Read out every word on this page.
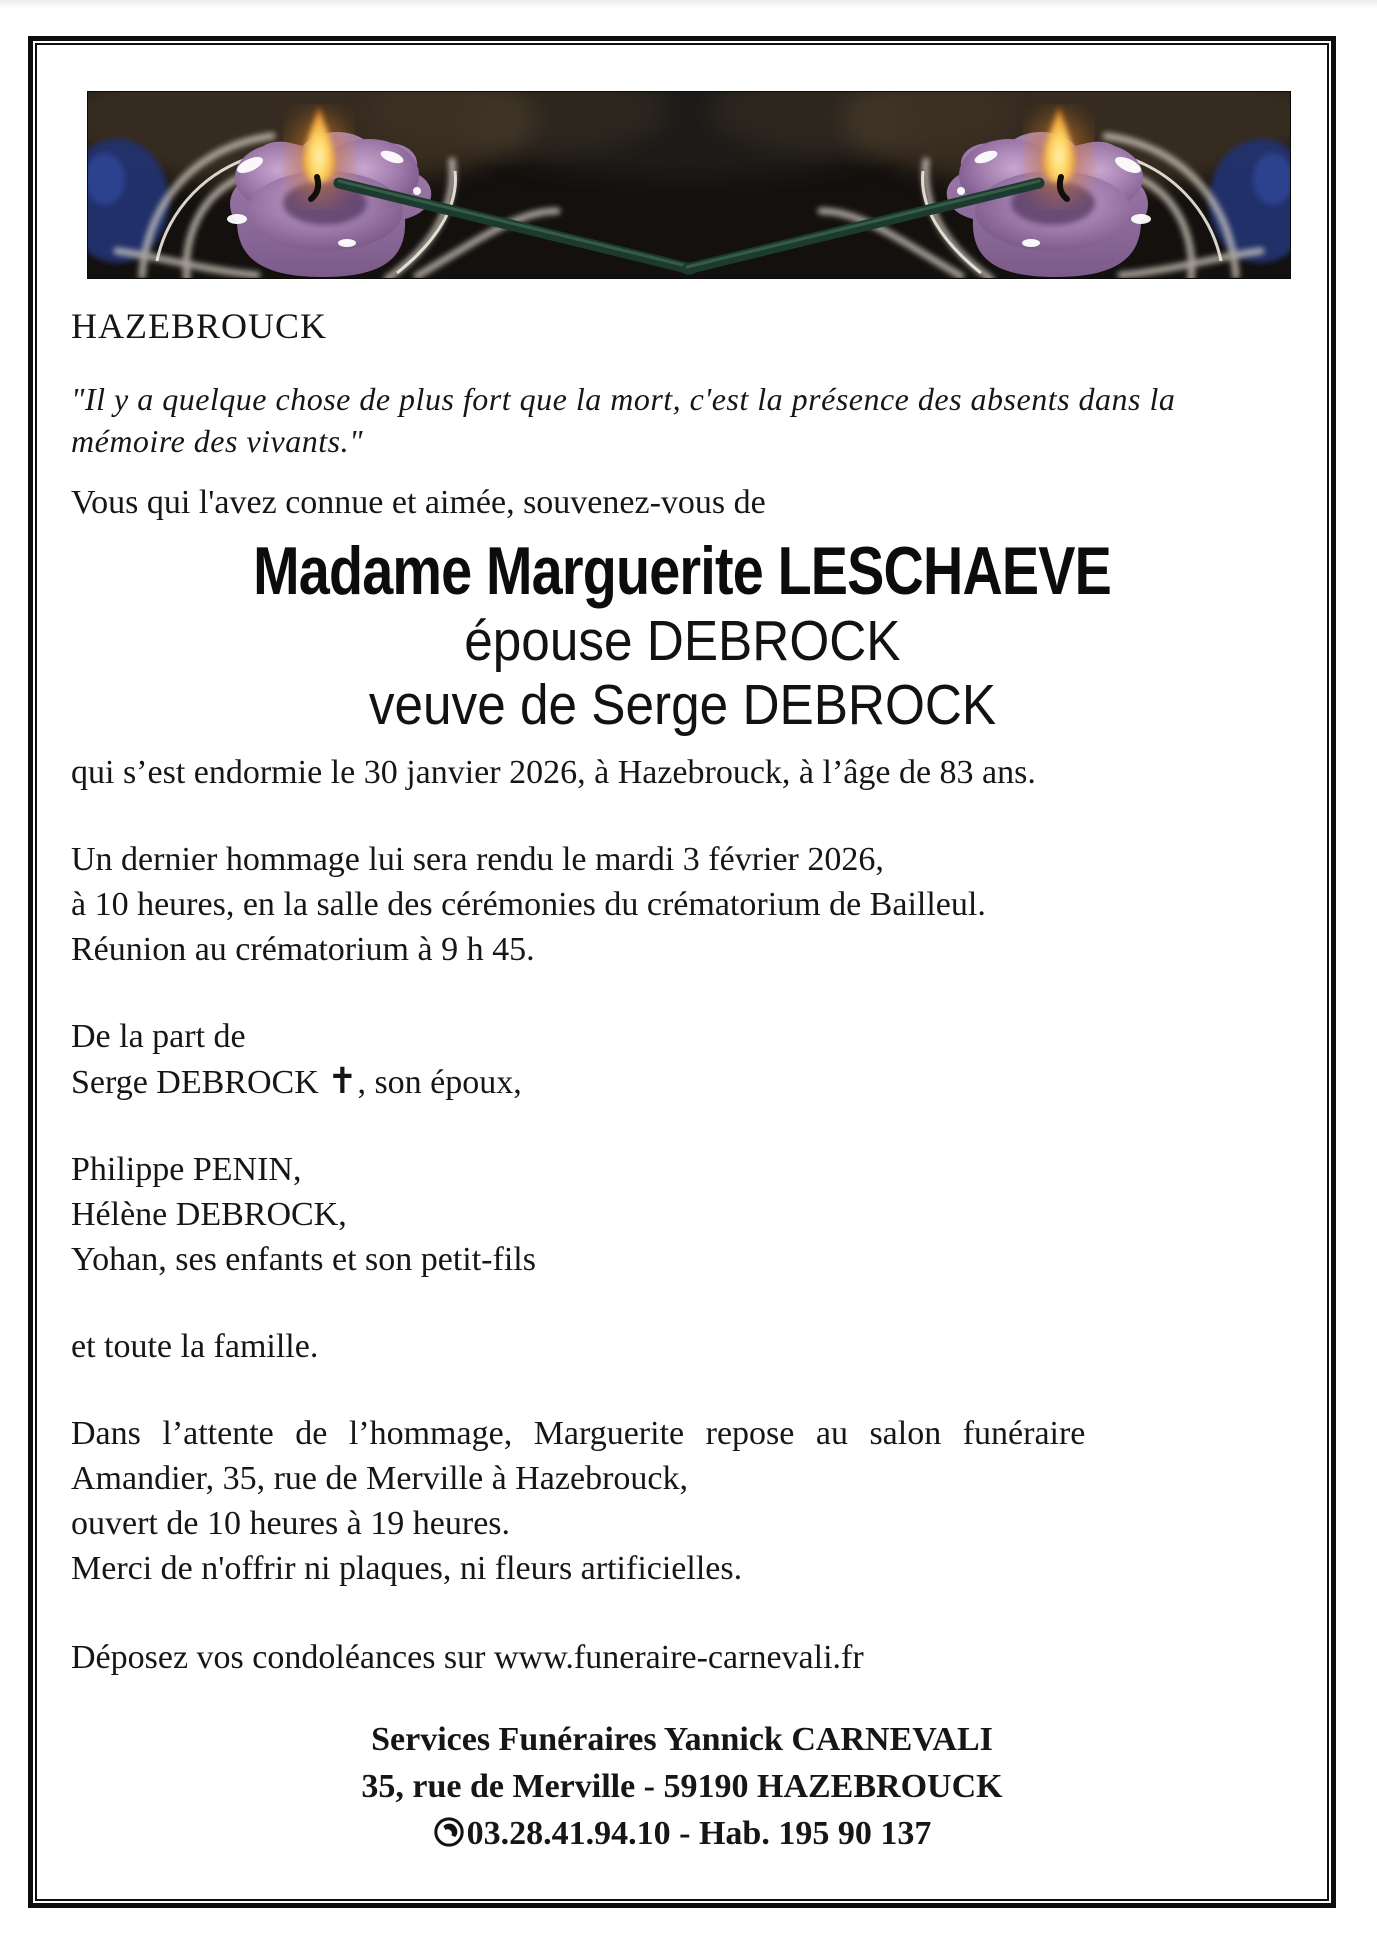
HAZEBROUCK
"Il y a quelque chose de plus fort que la mort, c'est la présence des absents dans la
mémoire des vivants."
Vous qui l'avez connue et aimée, souvenez-vous de
Madame Marguerite LESCHAEVE
épouse DEBROCK
veuve de Serge DEBROCK

qui s’est endormie le 30 janvier 2026, à Hazebrouck, à l’âge de 83 ans.

Un dernier hommage lui sera rendu le mardi 3 février 2026,
à 10 heures, en la salle des cérémonies du crématorium de Bailleul.
Réunion au crématorium à 9 h 45.

De la part de
Serge DEBROCK ✝, son époux,

Philippe PENIN,
Hélène DEBROCK,
Yohan, ses enfants et son petit-fils

et toute la famille.

Dans l’attente de l’hommage, Marguerite repose au salon funéraire
Amandier, 35, rue de Merville à Hazebrouck,
ouvert de 10 heures à 19 heures.
Merci de n'offrir ni plaques, ni fleurs artificielles.

Déposez vos condoléances sur www.funeraire-carnevali.fr

Services Funéraires Yannick CARNEVALI
35, rue de Merville - 59190 HAZEBROUCK
03.28.41.94.10 - Hab. 195 90 137
